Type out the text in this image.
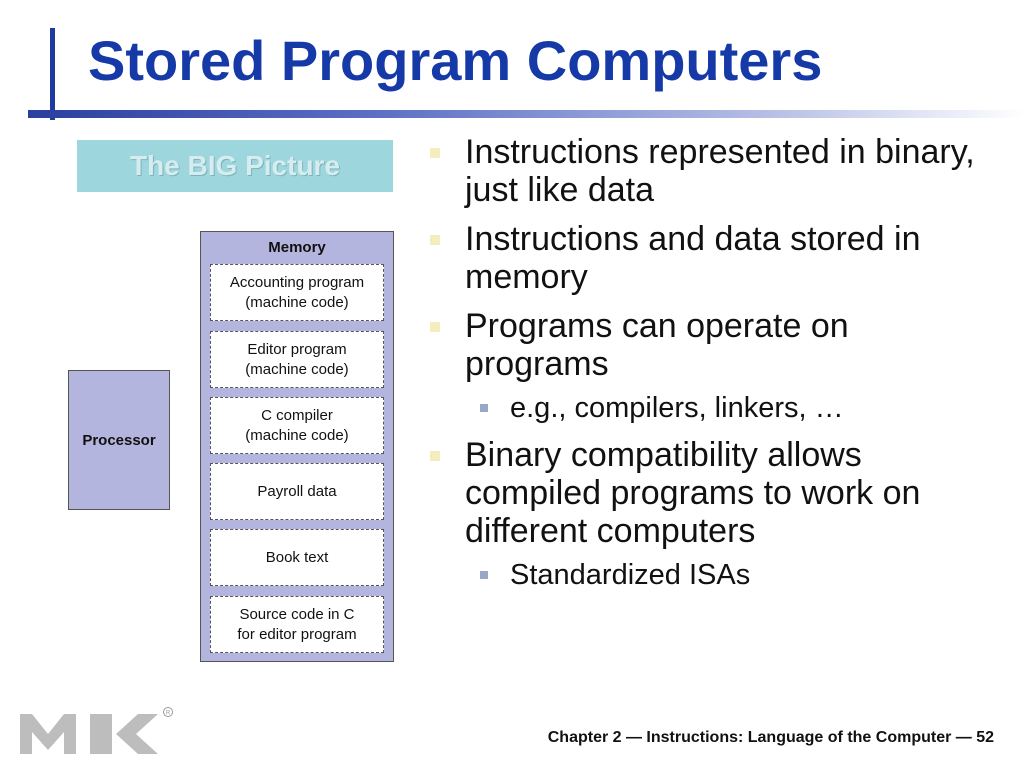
Stored Program Computers
The BIG Picture
Processor
Memory
Accounting program
(machine code)
Editor program
(machine code)
C compiler
(machine code)
Payroll data
Book text
Source code in C
for editor program
Instructions represented in binary, just like data
Instructions and data stored in memory
Programs can operate on programs
e.g., compilers, linkers, …
Binary compatibility allows compiled programs to work on different computers
Standardized ISAs
R
Chapter 2 — Instructions: Language of the Computer — 52
